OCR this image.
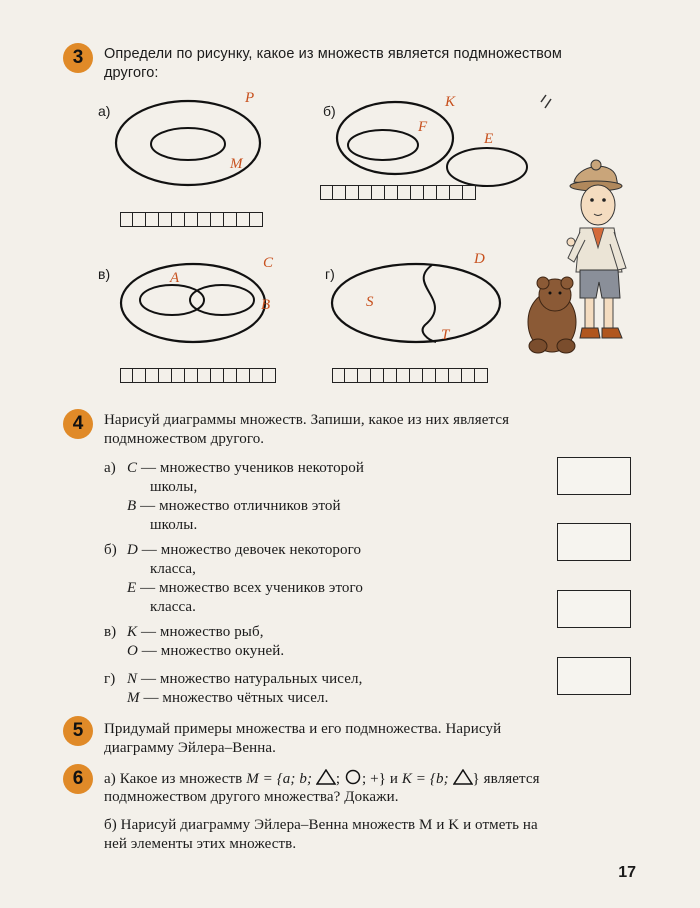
3	Определи по рисунку, какое из множеств является подмножеством
другого:
а)
P
M
б)
K
F
E
в)
C
A
B
г)
D
S
T
4	Нарисуй диаграммы множеств. Запиши, какое из них является
подмножеством другого.
а) C — множество учеников некоторой
школы,
B — множество отличников этой
школы.
б) D — множество девочек некоторого
класса,
E — множество всех учеников этого
класса.
в) K — множество рыб,
O — множество окуней.
г) N — множество натуральных чисел,
M — множество чётных чисел.
5	Придумай примеры множества и его подмножества. Нарисуй
диаграмму Эйлера–Венна.
6	а) Какое из множеств M = {a; b; ; ; +} и K = {b; } является
подмножеством другого множества? Докажи.
б) Нарисуй диаграмму Эйлера–Венна множеств M и K и отметь на
ней элементы этих множеств.
17
